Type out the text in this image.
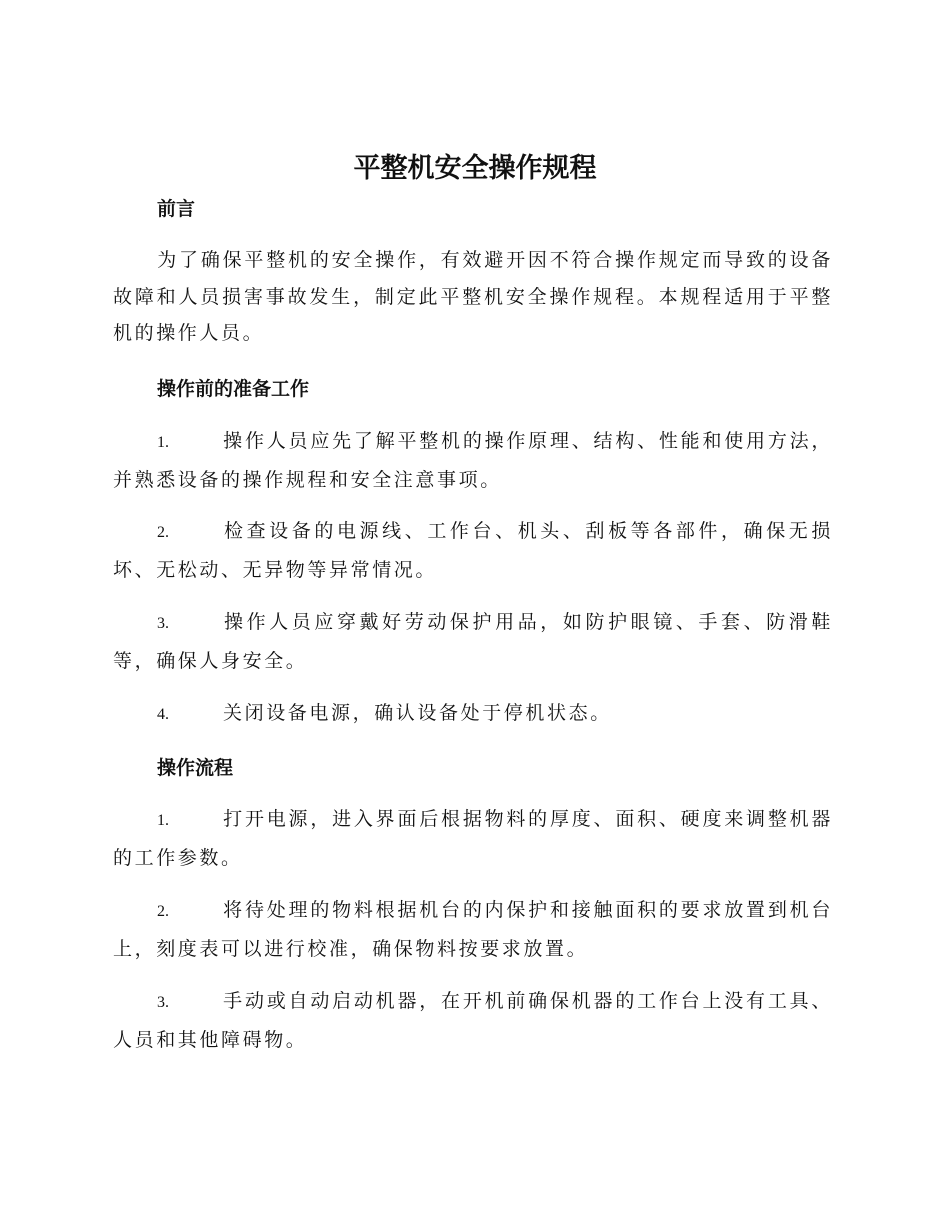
平整机安全操作规程
前言
为了确保平整机的安全操作，有效避开因不符合操作规定而导致的设备故障和人员损害事故发生，制定此平整机安全操作规程。本规程适用于平整机的操作人员。
操作前的准备工作
1.	操作人员应先了解平整机的操作原理、结构、性能和使用方法，并熟悉设备的操作规程和安全注意事项。
2.	检查设备的电源线、工作台、机头、刮板等各部件，确保无损坏、无松动、无异物等异常情况。
3.	操作人员应穿戴好劳动保护用品，如防护眼镜、手套、防滑鞋等，确保人身安全。
4.	关闭设备电源，确认设备处于停机状态。
操作流程
1.	打开电源，进入界面后根据物料的厚度、面积、硬度来调整机器的工作参数。
2.	将待处理的物料根据机台的内保护和接触面积的要求放置到机台上，刻度表可以进行校准，确保物料按要求放置。
3.	手动或自动启动机器，在开机前确保机器的工作台上没有工具、人员和其他障碍物。
